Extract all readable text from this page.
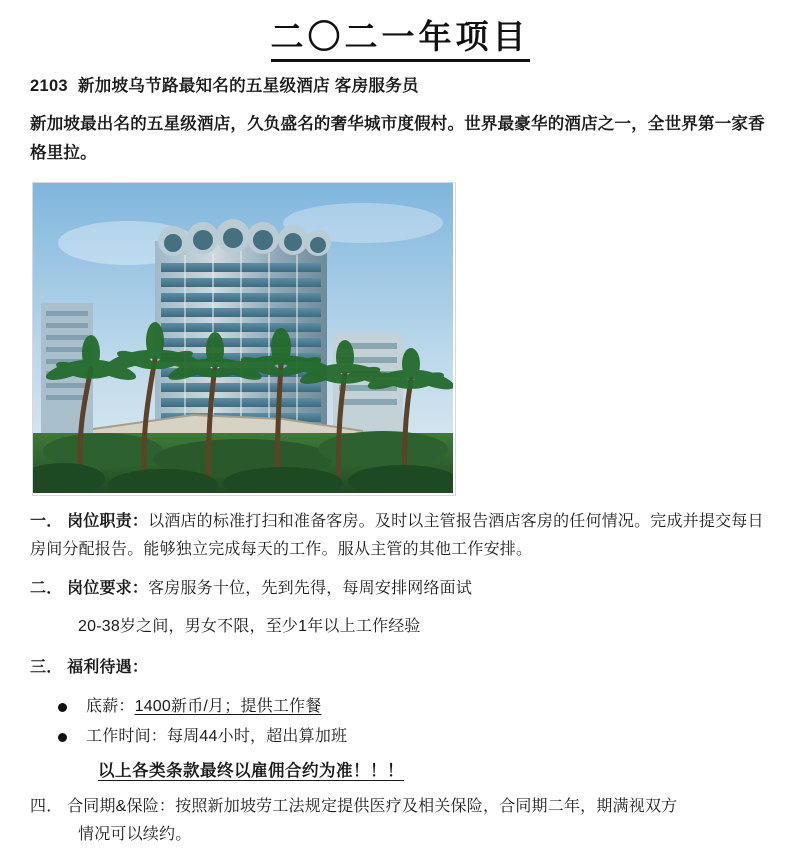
二〇二一年项目
2103 新加坡乌节路最知名的五星级酒店 客房服务员
新加坡最出名的五星级酒店，久负盛名的奢华城市度假村。世界最豪华的酒店之一，全世界第一家香格里拉。
一． 岗位职责：以酒店的标准打扫和准备客房。及时以主管报告酒店客房的任何情况。完成并提交每日房间分配报告。能够独立完成每天的工作。服从主管的其他工作安排。
二． 岗位要求：客房服务十位，先到先得，每周安排网络面试
20-38岁之间，男女不限，至少1年以上工作经验
三． 福利待遇：
底薪：1400新币/月；提供工作餐
工作时间：每周44小时，超出算加班
以上各类条款最终以雇佣合约为准！！！
四． 合同期&保险：按照新加坡劳工法规定提供医疗及相关保险，合同期二年，期满视双方
情况可以续约。
